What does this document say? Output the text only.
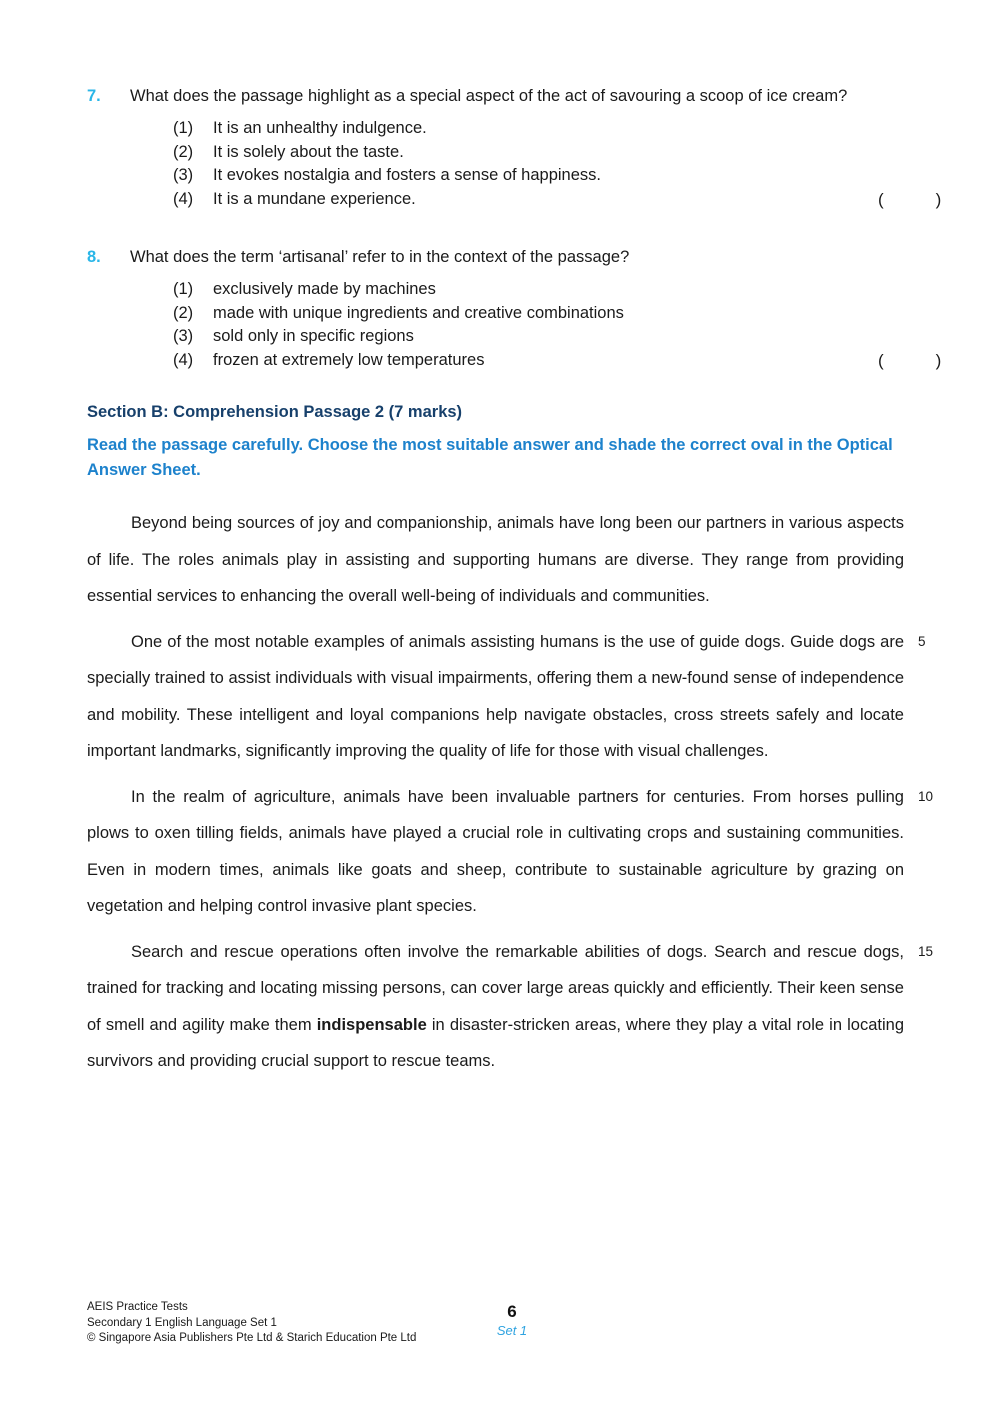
7. What does the passage highlight as a special aspect of the act of savouring a scoop of ice cream?
(1) It is an unhealthy indulgence.
(2) It is solely about the taste.
(3) It evokes nostalgia and fosters a sense of happiness.
(4) It is a mundane experience.	(	)
8. What does the term ‘artisanal’ refer to in the context of the passage?
(1) exclusively made by machines
(2) made with unique ingredients and creative combinations
(3) sold only in specific regions
(4) frozen at extremely low temperatures	(	)
Section B: Comprehension Passage 2 (7 marks)
Read the passage carefully. Choose the most suitable answer and shade the correct oval in the Optical Answer Sheet.
Beyond being sources of joy and companionship, animals have long been our partners in various aspects of life. The roles animals play in assisting and supporting humans are diverse. They range from providing essential services to enhancing the overall well-being of individuals and communities.
5
One of the most notable examples of animals assisting humans is the use of guide dogs. Guide dogs are specially trained to assist individuals with visual impairments, offering them a new-found sense of independence and mobility. These intelligent and loyal companions help navigate obstacles, cross streets safely and locate important landmarks, significantly improving the quality of life for those with visual challenges.
10
In the realm of agriculture, animals have been invaluable partners for centuries. From horses pulling plows to oxen tilling fields, animals have played a crucial role in cultivating crops and sustaining communities. Even in modern times, animals like goats and sheep, contribute to sustainable agriculture by grazing on vegetation and helping control invasive plant species.
15
Search and rescue operations often involve the remarkable abilities of dogs. Search and rescue dogs, trained for tracking and locating missing persons, can cover large areas quickly and efficiently. Their keen sense of smell and agility make them indispensable in disaster-stricken areas, where they play a vital role in locating survivors and providing crucial support to rescue teams.
AEIS Practice Tests
Secondary 1 English Language Set 1
© Singapore Asia Publishers Pte Ltd & Starich Education Pte Ltd
6
Set 1
